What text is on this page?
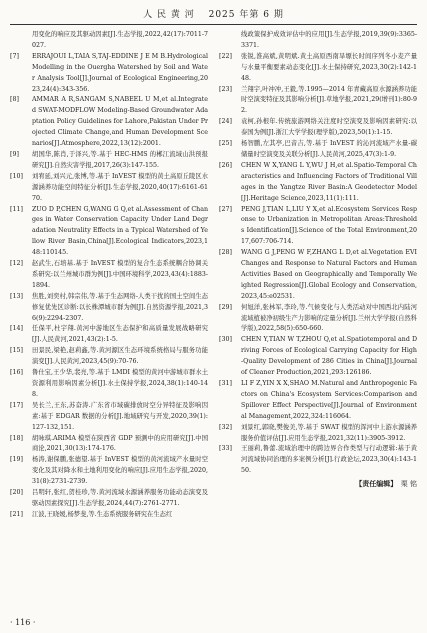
人 民 黄 河 　2025 年第 6 期
用变化的响应及其驱动因素[J].生态学报,2022,42(17):7011-7027.
[7] ERRAJOUI L,TAIA S,TAJ-EDDINE J E M B.Hydrological Modelling in the Ouergha Watershed by Soil and Water Analysis Tool[J].Journal of Ecological Engineering,2023,24(4):343-356.
[8] AMMAR A R,SANGAM S,NABEEL U M,et al.Integrated SWAT-MODFLOW Modeling-Based Groundwater Adaptation Policy Guidelines for Lahore,Pakistan Under Projected Climate Change,and Human Development Scenarios[J].Atmosphere,2022,13(12):2001.
[9] 胡国华,陈肖,于泽兴,等.基于 HEC-HMS 的郴江流域山洪预报研究[J].自然灾害学报,2017,26(3):147-155.
[10] 刘宥延,刘兴元,张博,等.基于 InVEST 模型的黄土高原丘陵区水源涵养功能空间特征分析[J].生态学报,2020,40(17):6161-6170.
[11] ZUO D P,CHEN G,WANG G Q,et al.Assessment of Changes in Water Conservation Capacity Under Land Degradation Neutrality Effects in a Typical Watershed of Yellow River Basin,China[J].Ecological Indicators,2023,148:110145.
[12] 赵武生,石培基.基于 InVEST 模型的复合生态系统耦合协调关系研究:以兰州城市群为例[J].中国环境科学,2023,43(4):1883-1894.
[13] 焦胜,刘奕村,韩宗伟,等.基于生态网络-人类干扰的国土空间生态修复优先区诊断:以长株潭城市群为例[J].自然资源学报,2021,36(9):2294-2307.
[14] 任保平,杜宇翔.黄河中游地区生态保护和高质量发展战略研究[J].人民黄河,2021,43(2):1-5.
[15] 田景民,梁艳,赵莉鑫,等.黄河源区生态环境系统格局与服务功能演变[J].人民黄河,2023,45(9):70-76.
[16] 鲁仕宝,王少华,裴亮,等.基于 LMDI 模型的黄河中游城市群水土资源利用影响因素分析[J].水土保持学报,2024,38(1):140-148.
[17] 吴长兰,王东,苏奋涛.广东省市域碳排放时空分异特征及影响因素:基于 EDGAR 数据的分析[J].地域研究与开发,2020,39(1):127-132,151.
[18] 胡咏琪.ARIMA 模型在陕西省 GDP 预测中的应用研究[J].中国商论,2021,30(13):174-176.
[19] 杨涛,谢保鹏,张德望.基于 InVEST 模型的黄河流域产水量时空变化及其对降水和土地利用变化的响应[J].应用生态学报,2020,31(8):2731-2739.
[20] 吕明轩,张红,贺桂珍,等.黄河流域水源涵养服务功能动态演变及驱动因素探究[J].生态学报,2024,44(7):2761-2771.
[21] 江波,王晓媛,杨梦斐,等.生态系统服务研究在生态红
线政策保护成效评估中的应用[J].生态学报,2019,39(9):3365-3371.
[22] 张锐,淮高斌,黄明斌.黄土高原西南旱塬长时间序列冬小麦产量与水量平衡要素动态变化[J].水土保持研究,2023,30(2):142-148.
[23] 兰翔宇,叶冲冲,王毅,等.1995—2014 年青藏高原水源涵养功能时空演变特征及其影响分析[J].草地学报,2021,29(增刊1):80-92.
[24] 袁柯,孙根年.传统旅游网络关注度时空演变及影响因素研究:以泰国为例[J].浙江大学学报(理学版),2023,50(1):1-15.
[25] 杨智鹏,左其亭,巴音吉,等.基于 InVEST 的沁河流域产水量-碳储量时空演变及关联分析[J].人民黄河,2025,47(3):1-9.
[26] CHEN W X,YANG L Y,WU J H,et al.Spatio-Temporal Characteristics and Influencing Factors of Traditional Villages in the Yangtze River Basin:A Geodetector Model[J].Heritage Science,2023,11(1):111.
[27] PENG J,TIAN L,LIU Y X,et al.Ecosystem Services Response to Urbanization in Metropolitan Areas:Thresholds Identification[J].Science of the Total Environment,2017,607:706-714.
[28] WANG G J,PENG W F,ZHANG L D,et al.Vegetation EVI Changes and Response to Natural Factors and Human Activities Based on Geographically and Temporally Weighted Regression[J].Global Ecology and Conservation,2023,45:e02531.
[29] 何旭洋,张林军,李玲,等.气候变化与人类活动对中国西北内陆河流域植被净初级生产力影响的定量分析[J].兰州大学学报(自然科学版),2022,58(5):650-660.
[30] CHEN Y,TIAN W T,ZHOU Q,et al.Spatiotemporal and Driving Forces of Ecological Carrying Capacity for High-Quality Development of 286 Cities in China[J].Journal of Cleaner Production,2021,293:126186.
[31] LI F Z,YIN X X,SHAO M.Natural and Anthropogenic Factors on China's Ecosystem Services:Comparison and Spillover Effect Perspective[J].Journal of Environmental Management,2022,324:116064.
[32] 刘景红,郭晓,樊俊美,等.基于 SWAT 模型的浑河中上游水源涵养服务价值评估[J].应用生态学报,2021,32(11):3905-3912.
[33] 王丽莉,鲁蕾.流域治理中的跨边界合作类型与行动逻辑:基于黄河流域协同治理的多案例分析[J].行政论坛,2023,30(4):143-150.
【责任编辑】　 栗 铭
· 116 ·
